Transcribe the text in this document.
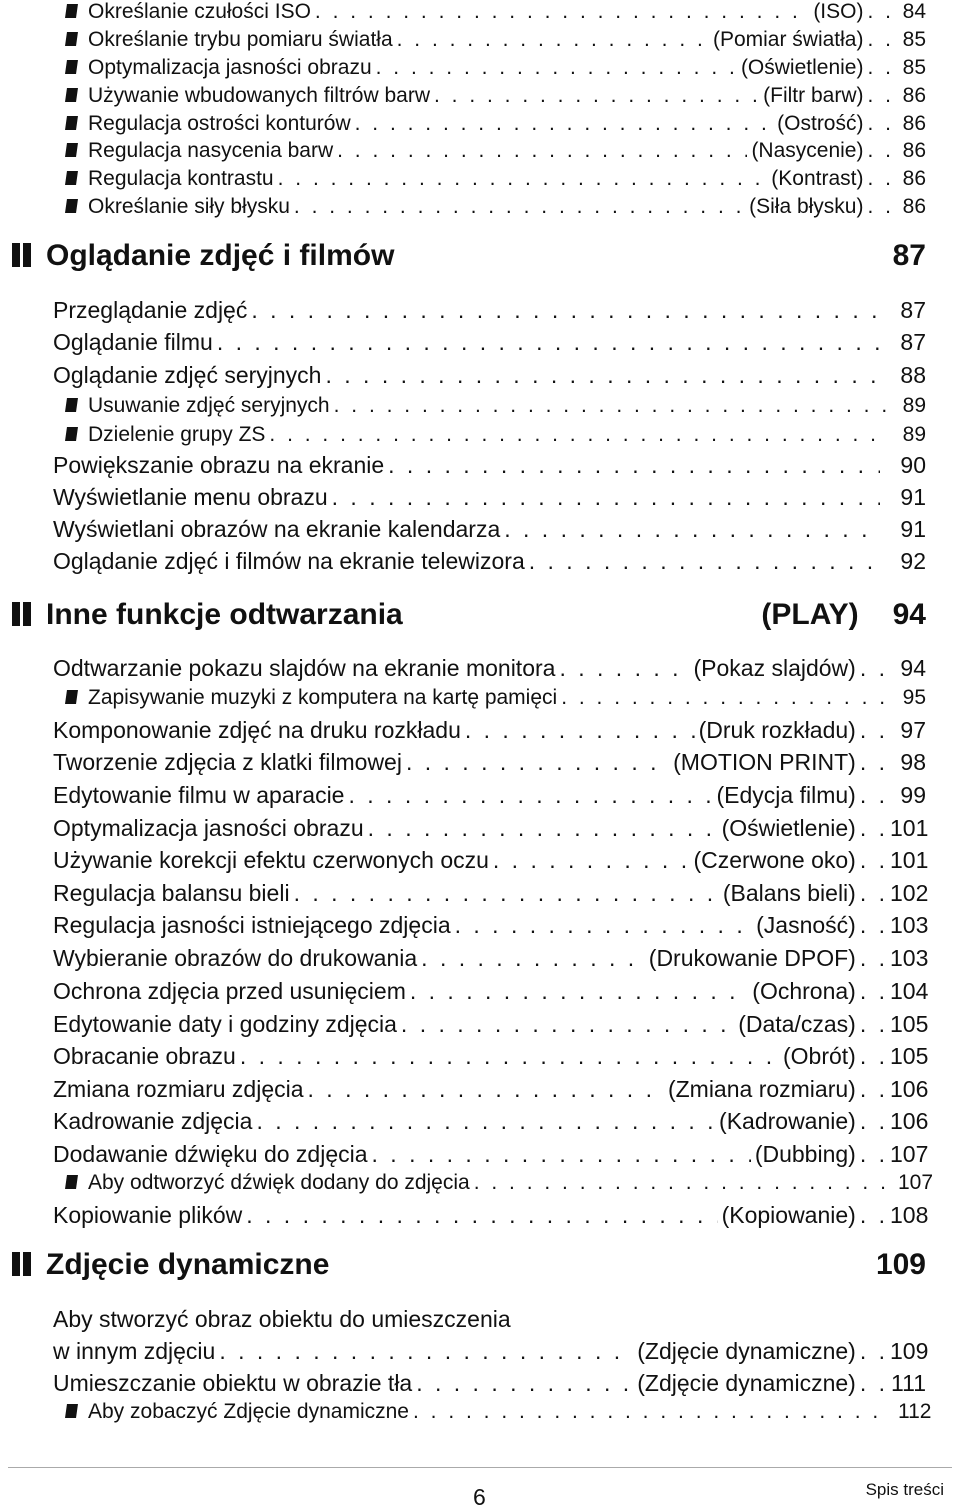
Określanie czułości ISO . . .	(ISO) . . 84
Określanie trybu pomiaru światła . . .	(Pomiar światła) . . 85
Optymalizacja jasności obrazu . . .	(Oświetlenie) . . 85
Używanie wbudowanych filtrów barw . . .	(Filtr barw) . . 86
Regulacja ostrości konturów . . .	(Ostrość) . . 86
Regulacja nasycenia barw . . .	(Nasycenie) . . 86
Regulacja kontrastu . . .	(Kontrast) . . 86
Określanie siły błysku . . .	(Siła błysku) . . 86
Oglądanie zdjęć i filmów	87
Przeglądanie zdjęć . . .	87
Oglądanie filmu . . .	87
Oglądanie zdjęć seryjnych . . .	88
Usuwanie zdjęć seryjnych . . .	89
Dzielenie grupy ZS . . .	89
Powiększanie obrazu na ekranie . . .	90
Wyświetlanie menu obrazu . . .	91
Wyświetlani obrazów na ekranie kalendarza . . .	91
Oglądanie zdjęć i filmów na ekranie telewizora . . .	92
Inne funkcje odtwarzania	(PLAY) 94
Odtwarzanie pokazu slajdów na ekranie monitora . . .	(Pokaz slajdów) . . 94
Zapisywanie muzyki z komputera na kartę pamięci . . .	95
Komponowanie zdjęć na druku rozkładu . . .	(Druk rozkładu) . . 97
Tworzenie zdjęcia z klatki filmowej . . .	(MOTION PRINT) . . 98
Edytowanie filmu w aparacie . . .	(Edycja filmu) . . 99
Optymalizacja jasności obrazu . . .	(Oświetlenie) . . 101
Używanie korekcji efektu czerwonych oczu . . .	(Czerwone oko) . . 101
Regulacja balansu bieli . . .	(Balans bieli) . . 102
Regulacja jasności istniejącego zdjęcia . . .	(Jasność) . . 103
Wybieranie obrazów do drukowania . . .	(Drukowanie DPOF) . . 103
Ochrona zdjęcia przed usunięciem . . .	(Ochrona) . . 104
Edytowanie daty i godziny zdjęcia . . .	(Data/czas) . . 105
Obracanie obrazu . . .	(Obrót) . . 105
Zmiana rozmiaru zdjęcia . . .	(Zmiana rozmiaru) . . 106
Kadrowanie zdjęcia . . .	(Kadrowanie) . . 106
Dodawanie dźwięku do zdjęcia . . .	(Dubbing) . . 107
Aby odtworzyć dźwięk dodany do zdjęcia . . .	107
Kopiowanie plików . . .	(Kopiowanie) . . 108
Zdjęcie dynamiczne	109
Aby stworzyć obraz obiektu do umieszczenia
w innym zdjęciu . . .	(Zdjęcie dynamiczne) . . 109
Umieszczanie obiektu w obrazie tła . . .	(Zdjęcie dynamiczne) . . 111
Aby zobaczyć Zdjęcie dynamiczne . . .	112
6	Spis treści
